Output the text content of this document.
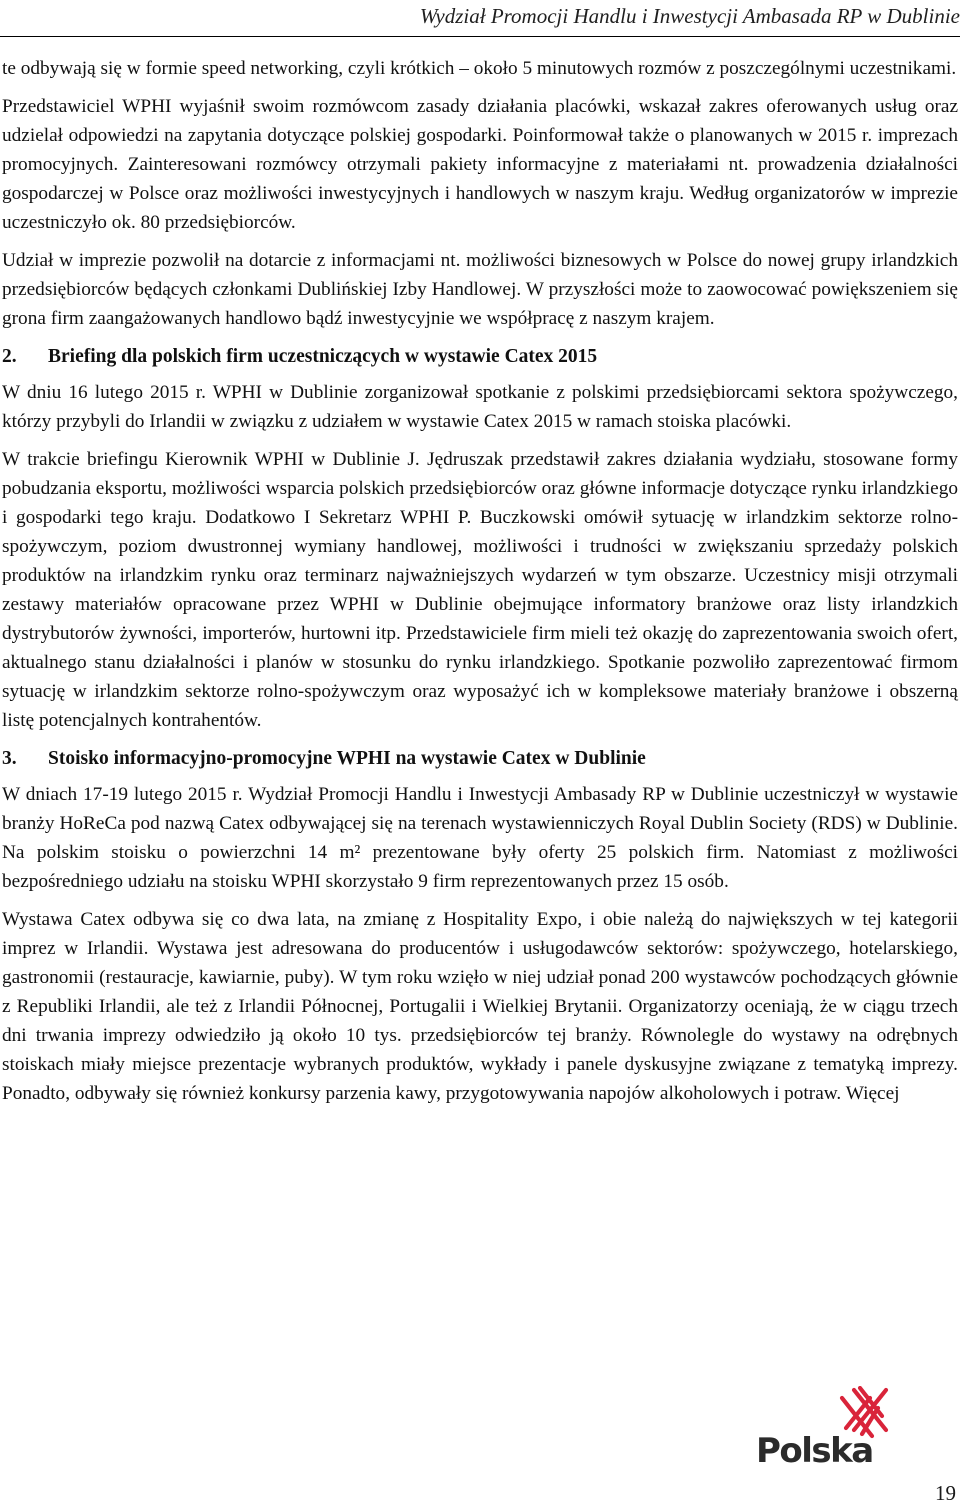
Wydział Promocji Handlu i Inwestycji Ambasada RP w Dublinie

te odbywają się w formie speed networking, czyli krótkich – około 5 minutowych rozmów z poszczególnymi uczestnikami.

Przedstawiciel WPHI wyjaśnił swoim rozmówcom zasady działania placówki, wskazał zakres oferowanych usług oraz udzielał odpowiedzi na zapytania dotyczące polskiej gospodarki. Poinformował także o planowanych w 2015 r. imprezach promocyjnych. Zainteresowani rozmówcy otrzymali pakiety informacyjne z materiałami nt. prowadzenia działalności gospodarczej w Polsce oraz możliwości inwestycyjnych i handlowych w naszym kraju. Według organizatorów w imprezie uczestniczyło ok. 80 przedsiębiorców.

Udział w imprezie pozwolił na dotarcie z informacjami nt. możliwości biznesowych w Polsce do nowej grupy irlandzkich przedsiębiorców będących członkami Dublińskiej Izby Handlowej. W przyszłości może to zaowocować powiększeniem się grona firm zaangażowanych handlowo bądź inwestycyjnie we współpracę z naszym krajem.

2.	Briefing dla polskich firm uczestniczących w wystawie Catex 2015

W dniu 16 lutego 2015 r. WPHI w Dublinie zorganizował spotkanie z polskimi przedsiębiorcami sektora spożywczego, którzy przybyli do Irlandii w związku z udziałem w wystawie Catex 2015 w ramach stoiska placówki.

W trakcie briefingu Kierownik WPHI w Dublinie J. Jędruszak przedstawił zakres działania wydziału, stosowane formy pobudzania eksportu, możliwości wsparcia polskich przedsiębiorców oraz główne informacje dotyczące rynku irlandzkiego i gospodarki tego kraju. Dodatkowo I Sekretarz WPHI P. Buczkowski omówił sytuację w irlandzkim sektorze rolno-spożywczym, poziom dwustronnej wymiany handlowej, możliwości i trudności w zwiększaniu sprzedaży polskich produktów na irlandzkim rynku oraz terminarz najważniejszych wydarzeń w tym obszarze. Uczestnicy misji otrzymali zestawy materiałów opracowane przez WPHI w Dublinie obejmujące informatory branżowe oraz listy irlandzkich dystrybutorów żywności, importerów, hurtowni itp. Przedstawiciele firm mieli też okazję do zaprezentowania swoich ofert, aktualnego stanu działalności i planów w stosunku do rynku irlandzkiego. Spotkanie pozwoliło zaprezentować firmom sytuację w irlandzkim sektorze rolno-spożywczym oraz wyposażyć ich w kompleksowe materiały branżowe i obszerną listę potencjalnych kontrahentów.

3.	Stoisko informacyjno-promocyjne WPHI na wystawie Catex w Dublinie

W dniach 17-19 lutego 2015 r. Wydział Promocji Handlu i Inwestycji Ambasady RP w Dublinie uczestniczył w wystawie branży HoReCa pod nazwą Catex odbywającej się na terenach wystawienniczych Royal Dublin Society (RDS) w Dublinie. Na polskim stoisku o powierzchni 14 m² prezentowane były oferty 25 polskich firm. Natomiast z możliwości bezpośredniego udziału na stoisku WPHI skorzystało 9 firm reprezentowanych przez 15 osób.

Wystawa Catex odbywa się co dwa lata, na zmianę z Hospitality Expo, i obie należą do największych w tej kategorii imprez w Irlandii. Wystawa jest adresowana do producentów i usługodawców sektorów: spożywczego, hotelarskiego, gastronomii (restauracje, kawiarnie, puby). W tym roku wzięło w niej udział ponad 200 wystawców pochodzących głównie z Republiki Irlandii, ale też z Irlandii Północnej, Portugalii i Wielkiej Brytanii. Organizatorzy oceniają, że w ciągu trzech dni trwania imprezy odwiedziło ją około 10 tys. przedsiębiorców tej branży. Równolegle do wystawy na odrębnych stoiskach miały miejsce prezentacje wybranych produktów, wykłady i panele dyskusyjne związane z tematyką imprezy. Ponadto, odbywały się również konkursy parzenia kawy, przygotowywania napojów alkoholowych i potraw. Więcej

Polska
19
